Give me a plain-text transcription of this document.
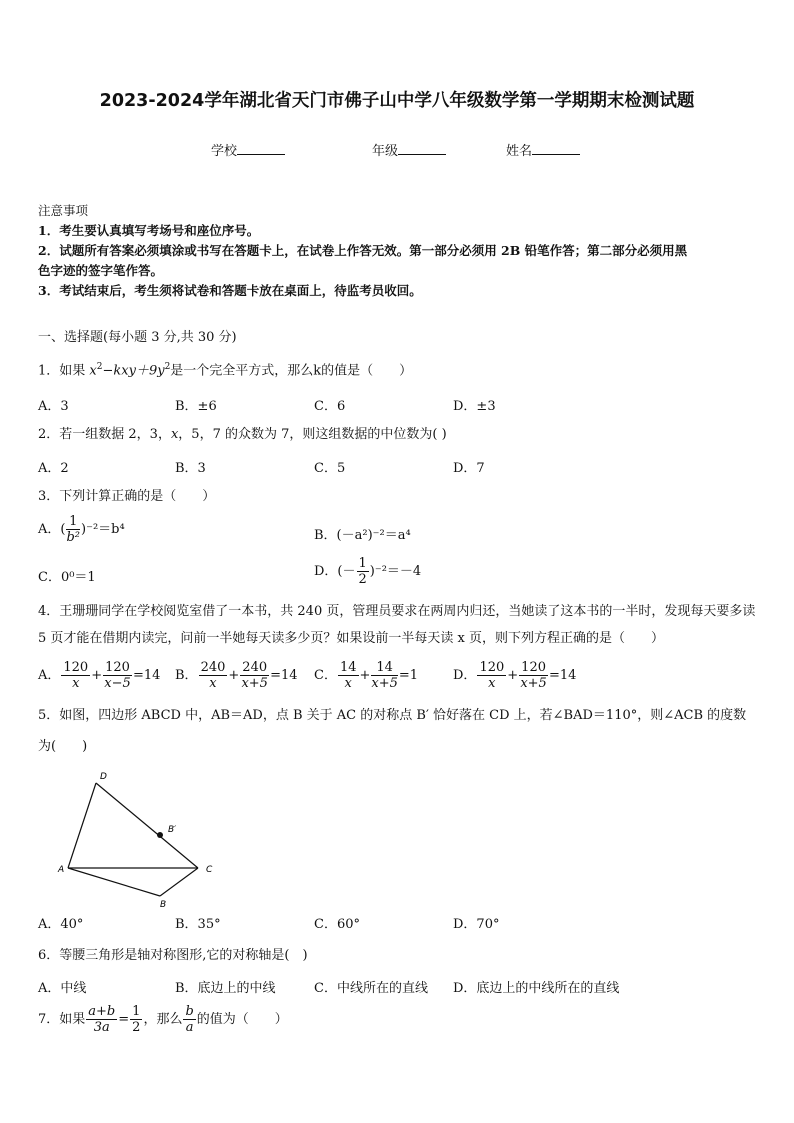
2023-2024学年湖北省天门市佛子山中学八年级数学第一学期期末检测试题
学校	年级	姓名
注意事项
1．考生要认真填写考场号和座位序号。
2．试题所有答案必须填涂或书写在答题卡上，在试卷上作答无效。第一部分必须用 2B 铅笔作答；第二部分必须用黑
色字迹的签字笔作答。
3．考试结束后，考生须将试卷和答题卡放在桌面上，待监考员收回。
一、选择题(每小题 3 分,共 30 分)
1．如果 $x^2-kxy+9y^2$是一个完全平方式，那么k的值是（　　）
A．3	B．±6	C．6	D．±3
2．若一组数据 2，3，x，5，7 的众数为 7，则这组数据的中位数为( )
A．2	B．3	C．5	D．7
3．下列计算正确的是（　　）
A．( $\frac{1}{\text{b²}} )^{-2}=b^4$	B．(－a²)⁻²＝a⁴
C．0⁰＝1	D．(－ $\frac{1}{2} )^{-2}=-4$
4．王珊珊同学在学校阅览室借了一本书，共 240 页，管理员要求在两周内归还，当她读了这本书的一半时，发现每天要多读 5 页才能在借期内读完，问前一半她每天读多少页？如果设前一半每天读 x 页，则下列方程正确的是（　　）
A． $\frac{120}{x} + \frac{120}{x-5} =14$ B． $\frac{240}{x} + \frac{240}{x+5} =14$ C． $\frac{14}{x} + \frac{14}{x+5} =1$	D． $\frac{120}{x} + \frac{120}{x+5} =14$
5．如图，四边形 ABCD 中，AB＝AD，点 B 关于 AC 的对称点 B′ 恰好落在 CD 上，若∠BAD＝110°，则∠ACB 的度数
为(　　)
D
B′
A	C
B
A．40°	B．35°	C．60°	D．70°
6．等腰三角形是轴对称图形,它的对称轴是(　)
A．中线	B．底边上的中线	C．中线所在的直线 D．底边上的中线所在的直线
7．如果 $\frac{a+b}{3a} = \frac{1}{2}$ ，那么 $\frac{b}{a}$ 的值为（　　）
